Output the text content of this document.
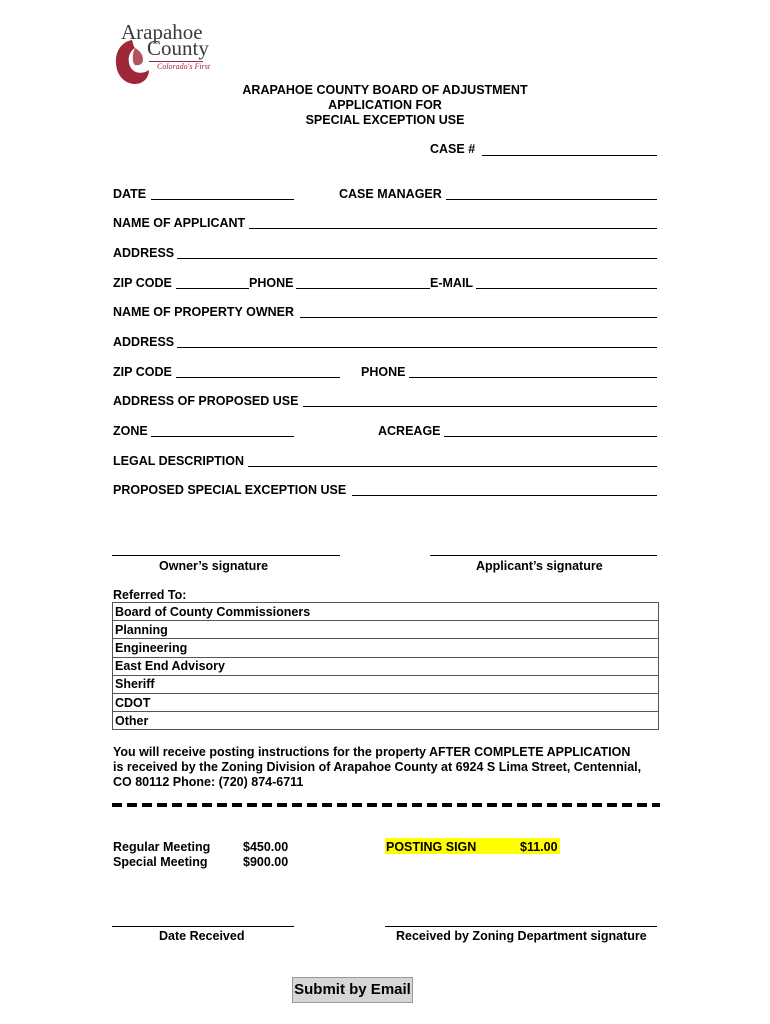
Arapahoe
County
Colorado's First
ARAPAHOE COUNTY BOARD OF ADJUSTMENT
APPLICATION FOR
SPECIAL EXCEPTION USE
CASE #
DATE	CASE MANAGER
NAME OF APPLICANT
ADDRESS
ZIP CODE	PHONE	E-MAIL
NAME OF PROPERTY OWNER
ADDRESS
ZIP CODE	PHONE
ADDRESS OF PROPOSED USE
ZONE	ACREAGE
LEGAL DESCRIPTION
PROPOSED SPECIAL EXCEPTION USE
Owner’s signature	Applicant’s signature
Referred To:
Board of County Commissioners
Planning
Engineering
East End Advisory
Sheriff
CDOT
Other
You will receive posting instructions for the property AFTER COMPLETE APPLICATION
is received by the Zoning Division of Arapahoe County at 6924 S Lima Street, Centennial,
CO 80112 Phone: (720) 874-6711
Regular Meeting	$450.00
Special Meeting	$900.00
POSTING SIGN	$11.00
Date Received	Received by Zoning Department signature
Submit by Email
